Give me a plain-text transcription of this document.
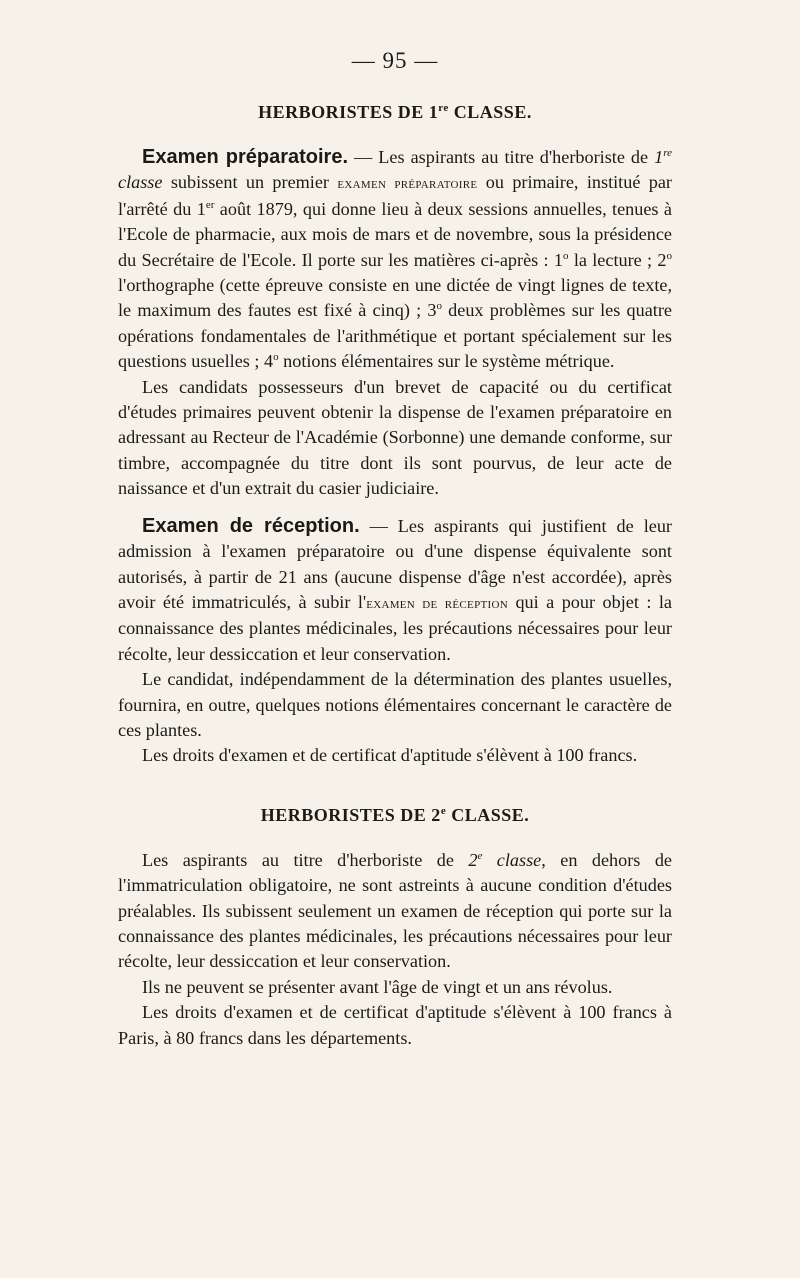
— 95 —
HERBORISTES DE 1re CLASSE.

Examen préparatoire. — Les aspirants au titre d'herboriste de 1re classe subissent un premier examen préparatoire ou primaire, institué par l'arrêté du 1er août 1879, qui donne lieu à deux sessions annuelles, tenues à l'Ecole de pharmacie, aux mois de mars et de novembre, sous la présidence du Secrétaire de l'Ecole. Il porte sur les matières ci-après : 1$^o$ la lecture ; 2$^o$ l'orthographe (cette épreuve consiste en une dictée de vingt lignes de texte, le maximum des fautes est fixé à cinq) ; 3$^o$ deux problèmes sur les quatre opérations fondamentales de l'arithmétique et portant spécialement sur les questions usuelles ; 4$^o$ notions élémentaires sur le système métrique.

Les candidats possesseurs d'un brevet de capacité ou du certificat d'études primaires peuvent obtenir la dispense de l'examen préparatoire en adressant au Recteur de l'Académie (Sorbonne) une demande conforme, sur timbre, accompagnée du titre dont ils sont pourvus, de leur acte de naissance et d'un extrait du casier judiciaire.

Examen de réception. — Les aspirants qui justifient de leur admission à l'examen préparatoire ou d'une dispense équivalente sont autorisés, à partir de 21 ans (aucune dispense d'âge n'est accordée), après avoir été immatriculés, à subir l'examen de réception qui a pour objet : la connaissance des plantes médicinales, les précautions nécessaires pour leur récolte, leur dessiccation et leur conservation.

Le candidat, indépendamment de la détermination des plantes usuelles, fournira, en outre, quelques notions élémentaires concernant le caractère de ces plantes.

Les droits d'examen et de certificat d'aptitude s'élèvent à 100 francs.

HERBORISTES DE 2e CLASSE.

Les aspirants au titre d'herboriste de 2e classe, en dehors de l'immatriculation obligatoire, ne sont astreints à aucune condition d'études préalables. Ils subissent seulement un examen de réception qui porte sur la connaissance des plantes médicinales, les précautions nécessaires pour leur récolte, leur dessiccation et leur conservation.

Ils ne peuvent se présenter avant l'âge de vingt et un ans révolus.

Les droits d'examen et de certificat d'aptitude s'élèvent à 100 francs à Paris, à 80 francs dans les départements.
